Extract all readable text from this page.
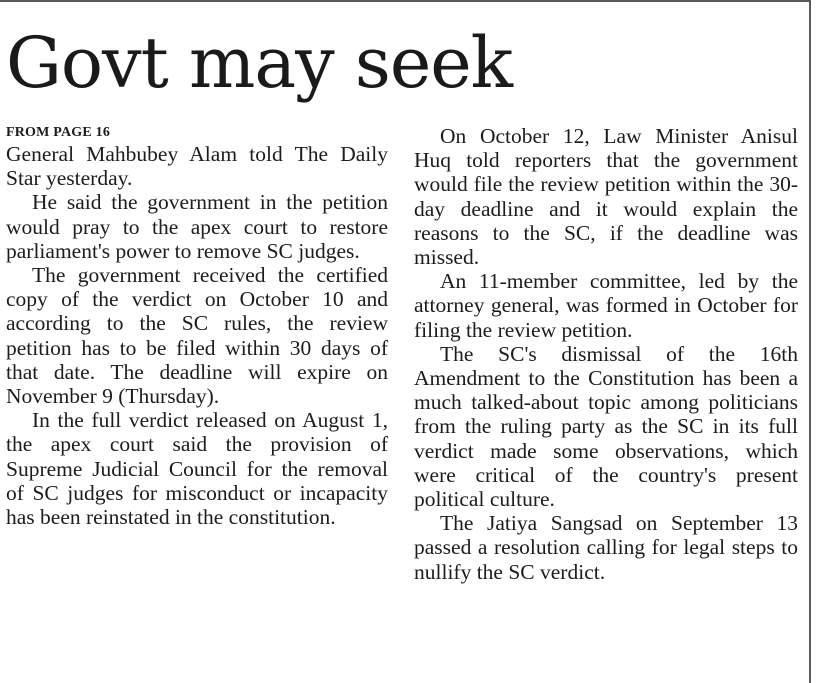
Govt may seek

FROM PAGE 16

General Mahbubey Alam told The Daily Star yesterday.

He said the government in the petition would pray to the apex court to restore parliament's power to remove SC judges.

The government received the certified copy of the verdict on October 10 and according to the SC rules, the review petition has to be filed within 30 days of that date. The deadline will expire on November 9 (Thursday).

In the full verdict released on August 1, the apex court said the provision of Supreme Judicial Council for the removal of SC judges for misconduct or incapacity has been reinstated in the constitution.

On October 12, Law Minister Anisul Huq told reporters that the government would file the review petition within the 30-day deadline and it would explain the reasons to the SC, if the deadline was missed.

An 11-member committee, led by the attorney general, was formed in October for filing the review petition.

The SC's dismissal of the 16th Amendment to the Constitution has been a much talked-about topic among politicians from the ruling party as the SC in its full verdict made some observations, which were critical of the country's present political culture.

The Jatiya Sangsad on September 13 passed a resolution calling for legal steps to nullify the SC verdict.
